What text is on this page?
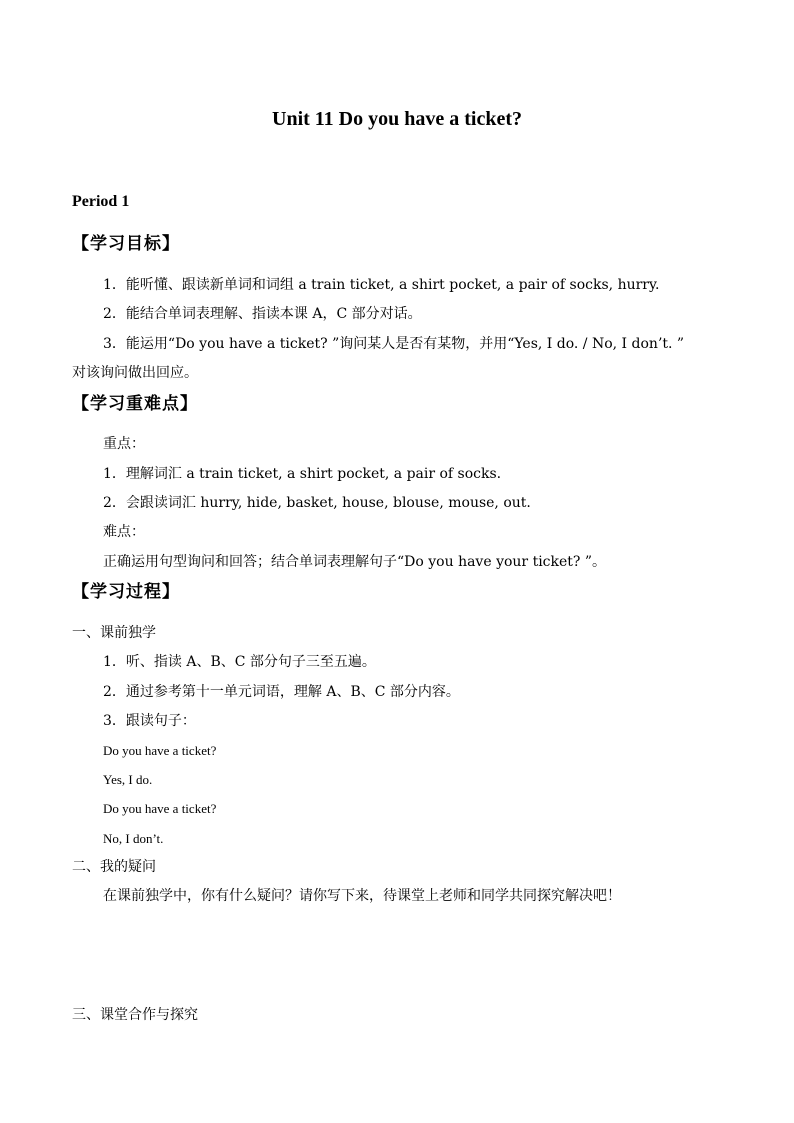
Unit 11 Do you have a ticket?
Period 1
【学习目标】
1．能听懂、跟读新单词和词组 a train ticket, a shirt pocket, a pair of socks, hurry.
2．能结合单词表理解、指读本课 A，C 部分对话。
3．能运用“Do you have a ticket? ”询问某人是否有某物，并用“Yes, I do. / No, I don’t. ”
对该询问做出回应。
【学习重难点】
重点：
1．理解词汇 a train ticket, a shirt pocket, a pair of socks.
2．会跟读词汇 hurry, hide, basket, house, blouse, mouse, out.
难点：
正确运用句型询问和回答；结合单词表理解句子“Do you have your ticket? ”。
【学习过程】
一、课前独学
1．听、指读 A、B、C 部分句子三至五遍。
2．通过参考第十一单元词语，理解 A、B、C 部分内容。
3．跟读句子：
Do you have a ticket?
Yes, I do.
Do you have a ticket?
No, I don’t.
二、我的疑问
在课前独学中，你有什么疑问？请你写下来，待课堂上老师和同学共同探究解决吧！
三、课堂合作与探究
